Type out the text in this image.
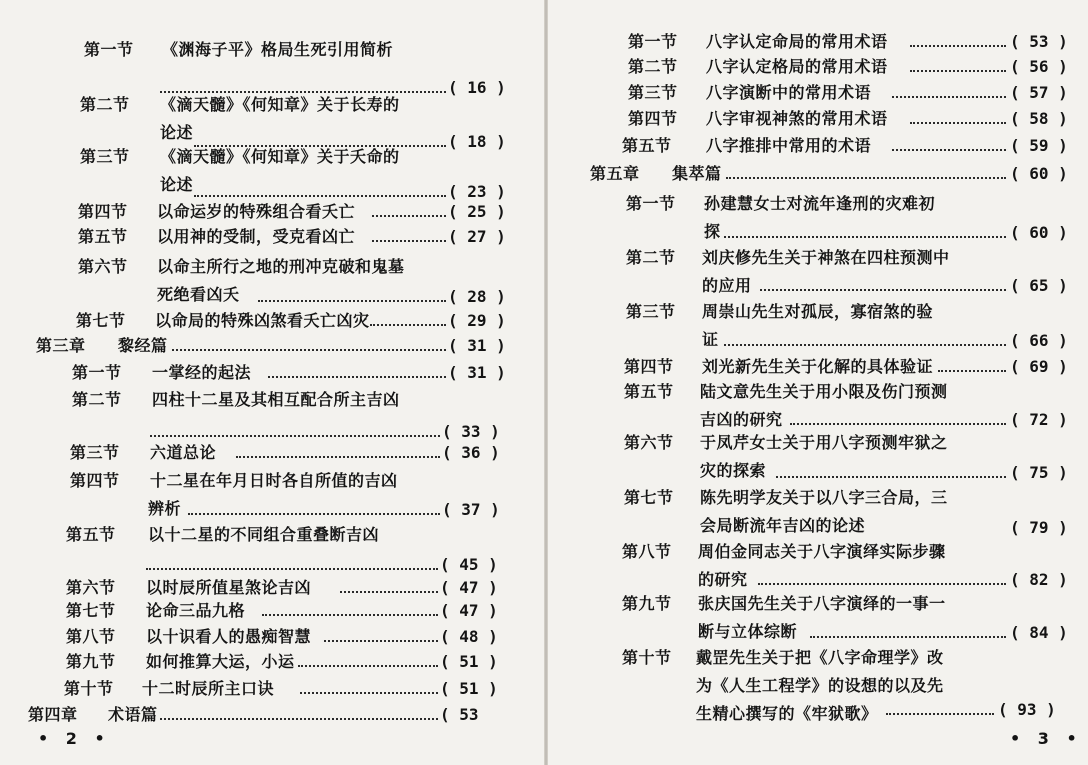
第一节 《渊海子平》格局生死引用简析
( 16 )
第二节 《滴天髓》《何知章》关于长寿的
论述	( 18 )
第三节 《滴天髓》《何知章》关于夭命的
论述	( 23 )
第四节 以命运岁的特殊组合看夭亡	( 25 )
第五节 以用神的受制，受克看凶亡	( 27 )
第六节 以命主所行之地的刑冲克破和鬼墓
死绝看凶夭	( 28 )
第七节 以命局的特殊凶煞看夭亡凶灾	( 29 )
第三章 黎经篇	( 31 )
第一节 一掌经的起法	( 31 )
第二节 四柱十二星及其相互配合所主吉凶
( 33 )
第三节 六道总论	( 36 )
第四节 十二星在年月日时各自所值的吉凶
辨析	( 37 )
第五节 以十二星的不同组合重叠断吉凶
( 45 )
第六节 以时辰所值星煞论吉凶	( 47 )
第七节 论命三品九格	( 47 )
第八节 以十识看人的愚痴智慧	( 48 )
第九节 如何推算大运，小运	( 51 )
第十节 十二时辰所主口诀	( 51 )
第四章 术语篇	( 53
• 2 •
第一节 八字认定命局的常用术语	( 53 )
第二节 八字认定格局的常用术语	( 56 )
第三节 八字演断中的常用术语	( 57 )
第四节 八字审视神煞的常用术语	( 58 )
第五节 八字推排中常用的术语	( 59 )
第五章 集萃篇	( 60 )
第一节 孙建慧女士对流年逢刑的灾难初
探	( 60 )
第二节 刘庆修先生关于神煞在四柱预测中
的应用	( 65 )
第三节 周崇山先生对孤辰，寡宿煞的验
证	( 66 )
第四节 刘光新先生关于化解的具体验证	( 69 )
第五节 陆文意先生关于用小限及伤门预测
吉凶的研究	( 72 )
第六节 于凤芹女士关于用八字预测牢狱之
灾的探索	( 75 )
第七节 陈先明学友关于以八字三合局，三
会局断流年吉凶的论述	( 79 )
第八节 周伯金同志关于八字演绎实际步骤
的研究	( 82 )
第九节 张庆国先生关于八字演绎的一事一
断与立体综断	( 84 )
第十节 戴罡先生关于把《八字命理学》改
为《人生工程学》的设想的以及先
生精心撰写的《牢狱歌》	( 93 )
• 3 •
